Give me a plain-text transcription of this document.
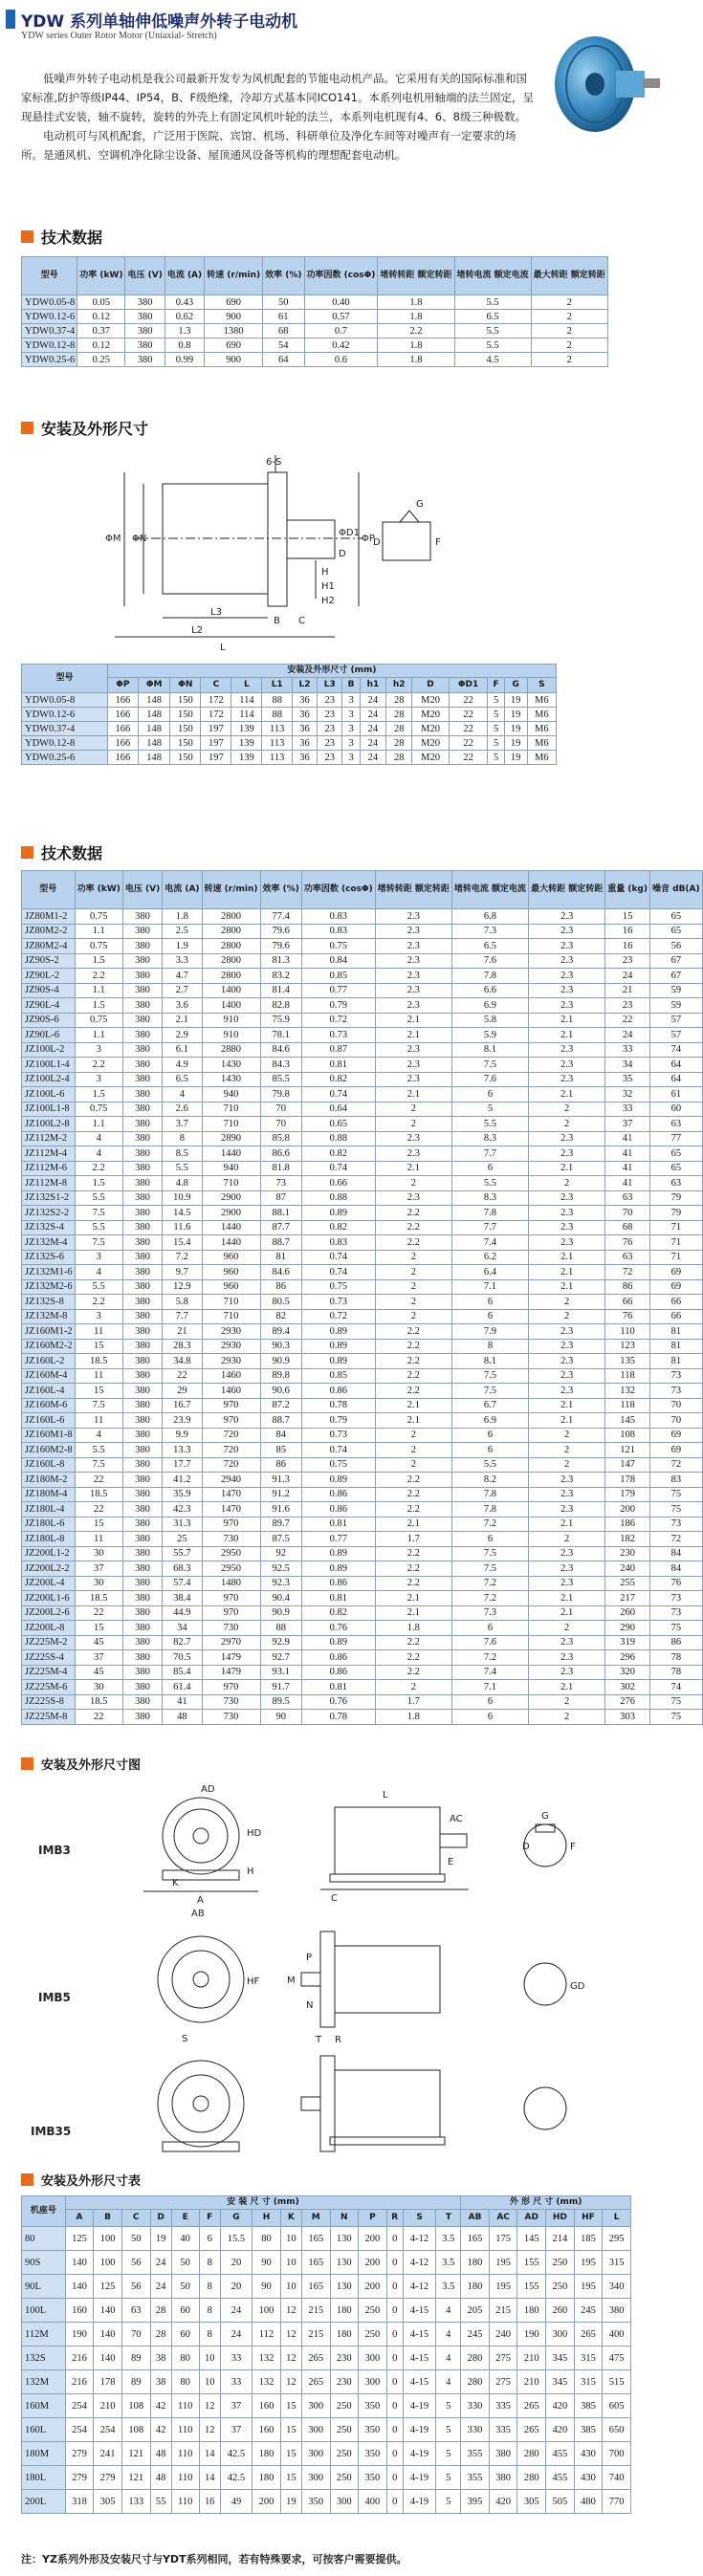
YDW 系列单轴伸低噪声外转子电动机
YDW series Outer Rotor Motor (Uniaxial- Stretch)

低噪声外转子电动机是我公司最新开发专为风机配套的节能电动机产品。它采用有关的国际标准和国家标准,防护等级IP44、IP54，B、F级绝缘，冷却方式基本同ICO141。本系列电机用轴端的法兰固定，呈现悬挂式安装，轴不旋转，旋转的外壳上有固定风机叶轮的法兰，本系列电机现有4、6、8级三种极数。

电动机可与风机配套，广泛用于医院、宾馆、机场、科研单位及净化车间等对噪声有一定要求的场所。是通风机、空调机净化除尘设备、屋顶通风设备等机构的理想配套电动机。

技术数据
型号	功率 (kW)	电压 (V)	电流 (A)	转速 (r/min)	效率 (%)	功率因数 (cosΦ)	堵转转距 额定转距	堵转电流 额定电流	最大转距 额定转距
YDW0.05-8	0.05	380	0.43	690	50	0.40	1.8	5.5	2
YDW0.12-6	0.12	380	0.62	900	61	0.57	1.8	6.5	2
YDW0.37-4	0.37	380	1.3	1380	68	0.7	2.2	5.5	2
YDW0.12-8	0.12	380	0.8	690	54	0.42	1.8	5.5	2
YDW0.25-6	0.25	380	0.99	900	64	0.6	1.8	4.5	2
安装及外形尺寸
6-S
ΦM ΦN	ΦP
ΦD1
D
H
H1
H2
L3
L2
L
B C
G
F
D
型号	安装及外形尺寸 (mm)															
	ΦP	ΦM	ΦN	C	L	L1	L2	L3	B	h1	h2	D	ΦD1	F	G	S
YDW0.05-8	166	148	150	172	114	88	36	23	3	24	28	M20	22	5	19	M6
YDW0.12-6	166	148	150	172	114	88	36	23	3	24	28	M20	22	5	19	M6
YDW0.37-4	166	148	150	197	139	113	36	23	3	24	28	M20	22	5	19	M6
YDW0.12-8	166	148	150	197	139	113	36	23	3	24	28	M20	22	5	19	M6
YDW0.25-6	166	148	150	197	139	113	36	23	3	24	28	M20	22	5	19	M6
技术数据
型号	功率 (kW)	电压 (V)	电流 (A)	转速 (r/min)	效率 (%)	功率因数 (cosΦ)	堵转转距 额定转距	堵转电流 额定电流	最大转距 额定转距	重量 (kg)	噪音 dB(A)
JZ80M1-2	0.75	380	1.8	2800	77.4	0.83	2.3	6.8	2.3	15	65
JZ80M2-2	1.1	380	2.5	2800	79.6	0.83	2.3	7.3	2.3	16	65
JZ80M2-4	0.75	380	1.9	2800	79.6	0.75	2.3	6.5	2.3	16	56
JZ90S-2	1.5	380	3.3	2800	81.3	0.84	2.3	7.6	2.3	23	67
JZ90L-2	2.2	380	4.7	2800	83.2	0.85	2.3	7.8	2.3	24	67
JZ90S-4	1.1	380	2.7	1400	81.4	0.77	2.3	6.6	2.3	21	59
JZ90L-4	1.5	380	3.6	1400	82.8	0.79	2.3	6.9	2.3	23	59
JZ90S-6	0.75	380	2.1	910	75.9	0.72	2.1	5.8	2.1	22	57
JZ90L-6	1.1	380	2.9	910	78.1	0.73	2.1	5.9	2.1	24	57
JZ100L-2	3	380	6.1	2880	84.6	0.87	2.3	8.1	2.3	33	74
JZ100L1-4	2.2	380	4.9	1430	84.3	0.81	2.3	7.5	2.3	34	64
JZ100L2-4	3	380	6.5	1430	85.5	0.82	2.3	7.6	2.3	35	64
JZ100L-6	1.5	380	4	940	79.8	0.74	2.1	6	2.1	32	61
JZ100L1-8	0.75	380	2.6	710	70	0.64	2	5	2	33	60
JZ100L2-8	1.1	380	3.7	710	70	0.65	2	5.5	2	37	63
JZ112M-2	4	380	8	2890	85.8	0.88	2.3	8.3	2.3	41	77
JZ112M-4	4	380	8.5	1440	86.6	0.82	2.3	7.7	2.3	41	65
JZ112M-6	2.2	380	5.5	940	81.8	0.74	2.1	6	2.1	41	65
JZ112M-8	1.5	380	4.8	710	73	0.66	2	5.5	2	41	63
JZ132S1-2	5.5	380	10.9	2900	87	0.88	2.3	8.3	2.3	63	79
JZ132S2-2	7.5	380	14.5	2900	88.1	0.89	2.2	7.8	2.3	70	79
JZ132S-4	5.5	380	11.6	1440	87.7	0.82	2.2	7.7	2.3	68	71
JZ132M-4	7.5	380	15.4	1440	88.7	0.83	2.2	7.4	2.3	76	71
JZ132S-6	3	380	7.2	960	81	0.74	2	6.2	2.1	63	71
JZ132M1-6	4	380	9.7	960	84.6	0.74	2	6.4	2.1	72	69
JZ132M2-6	5.5	380	12.9	960	86	0.75	2	7.1	2.1	86	69
JZ132S-8	2.2	380	5.8	710	80.5	0.73	2	6	2	66	66
JZ132M-8	3	380	7.7	710	82	0.72	2	6	2	76	66
JZ160M1-2	11	380	21	2930	89.4	0.89	2.2	7.9	2.3	110	81
JZ160M2-2	15	380	28.3	2930	90.3	0.89	2.2	8	2.3	123	81
JZ160L-2	18.5	380	34.8	2930	90.9	0.89	2.2	8.1	2.3	135	81
JZ160M-4	11	380	22	1460	89.8	0.85	2.2	7.5	2.3	118	73
JZ160L-4	15	380	29	1460	90.6	0.86	2.2	7.5	2.3	132	73
JZ160M-6	7.5	380	16.7	970	87.2	0.78	2.1	6.7	2.1	118	70
JZ160L-6	11	380	23.9	970	88.7	0.79	2.1	6.9	2.1	145	70
JZ160M1-8	4	380	9.9	720	84	0.73	2	6	2	108	69
JZ160M2-8	5.5	380	13.3	720	85	0.74	2	6	2	121	69
JZ160L-8	7.5	380	17.7	720	86	0.75	2	5.5	2	147	72
JZ180M-2	22	380	41.2	2940	91.3	0.89	2.2	8.2	2.3	178	83
JZ180M-4	18.5	380	35.9	1470	91.2	0.86	2.2	7.8	2.3	179	75
JZ180L-4	22	380	42.3	1470	91.6	0.86	2.2	7.8	2.3	200	75
JZ180L-6	15	380	31.3	970	89.7	0.81	2.1	7.2	2.1	186	73
JZ180L-8	11	380	25	730	87.5	0.77	1.7	6	2	182	72
JZ200L1-2	30	380	55.7	2950	92	0.89	2.2	7.5	2.3	230	84
JZ200L2-2	37	380	68.3	2950	92.5	0.89	2.2	7.5	2.3	240	84
JZ200L-4	30	380	57.4	1480	92.3	0.86	2.2	7.2	2.3	255	76
JZ200L1-6	18.5	380	38.4	970	90.4	0.81	2.1	7.2	2.1	217	73
JZ200L2-6	22	380	44.9	970	90.9	0.82	2.1	7.3	2.1	260	73
JZ200L-8	15	380	34	730	88	0.76	1.8	6	2	290	75
JZ225M-2	45	380	82.7	2970	92.9	0.89	2.2	7.6	2.3	319	86
JZ225S-4	37	380	70.5	1479	92.7	0.86	2.2	7.2	2.3	296	78
JZ225M-4	45	380	85.4	1479	93.1	0.86	2.2	7.4	2.3	320	78
JZ225M-6	30	380	61.4	970	91.7	0.81	2	7.1	2.1	302	74
JZ225S-8	18.5	380	41	730	89.5	0.76	1.7	6	2	276	75
JZ225M-8	22	380	48	730	90	0.78	1.8	6	2	303	75
安装及外形尺寸图
IMB3
IMB5
IMB35
L
AC
AD
HD
H
K
A
AB
C
E
D	F
G
GD
HF
P
N
M
S	T R
安装及外形尺寸表
机座号	安 装 尺 寸 (mm)															外 形 尺 寸 (mm)					
	A	B	C	D	E	F	G	H	K	M	N	P	R	S	T	AB	AC	AD	HD	HF	L
80	125	100	50	19	40	6	15.5	80	10	165	130	200	0	4-12	3.5	165	175	145	214	185	295
90S	140	100	56	24	50	8	20	90	10	165	130	200	0	4-12	3.5	180	195	155	250	195	315
90L	140	125	56	24	50	8	20	90	10	165	130	200	0	4-12	3.5	180	195	155	250	195	340
100L	160	140	63	28	60	8	24	100	12	215	180	250	0	4-15	4	205	215	180	260	245	380
112M	190	140	70	28	60	8	24	112	12	215	180	250	0	4-15	4	245	240	190	300	265	400
132S	216	140	89	38	80	10	33	132	12	265	230	300	0	4-15	4	280	275	210	345	315	475
132M	216	178	89	38	80	10	33	132	12	265	230	300	0	4-15	4	280	275	210	345	315	515
160M	254	210	108	42	110	12	37	160	15	300	250	350	0	4-19	5	330	335	265	420	385	605
160L	254	254	108	42	110	12	37	160	15	300	250	350	0	4-19	5	330	335	265	420	385	650
180M	279	241	121	48	110	14	42.5	180	15	300	250	350	0	4-19	5	355	380	280	455	430	700
180L	279	279	121	48	110	14	42.5	180	15	300	250	350	0	4-19	5	355	380	280	455	430	740
200L	318	305	133	55	110	16	49	200	19	350	300	400	0	4-19	5	395	420	305	505	480	770
注：YZ系列外形及安装尺寸与YDT系列相同，若有特殊要求，可按客户需要提供。
